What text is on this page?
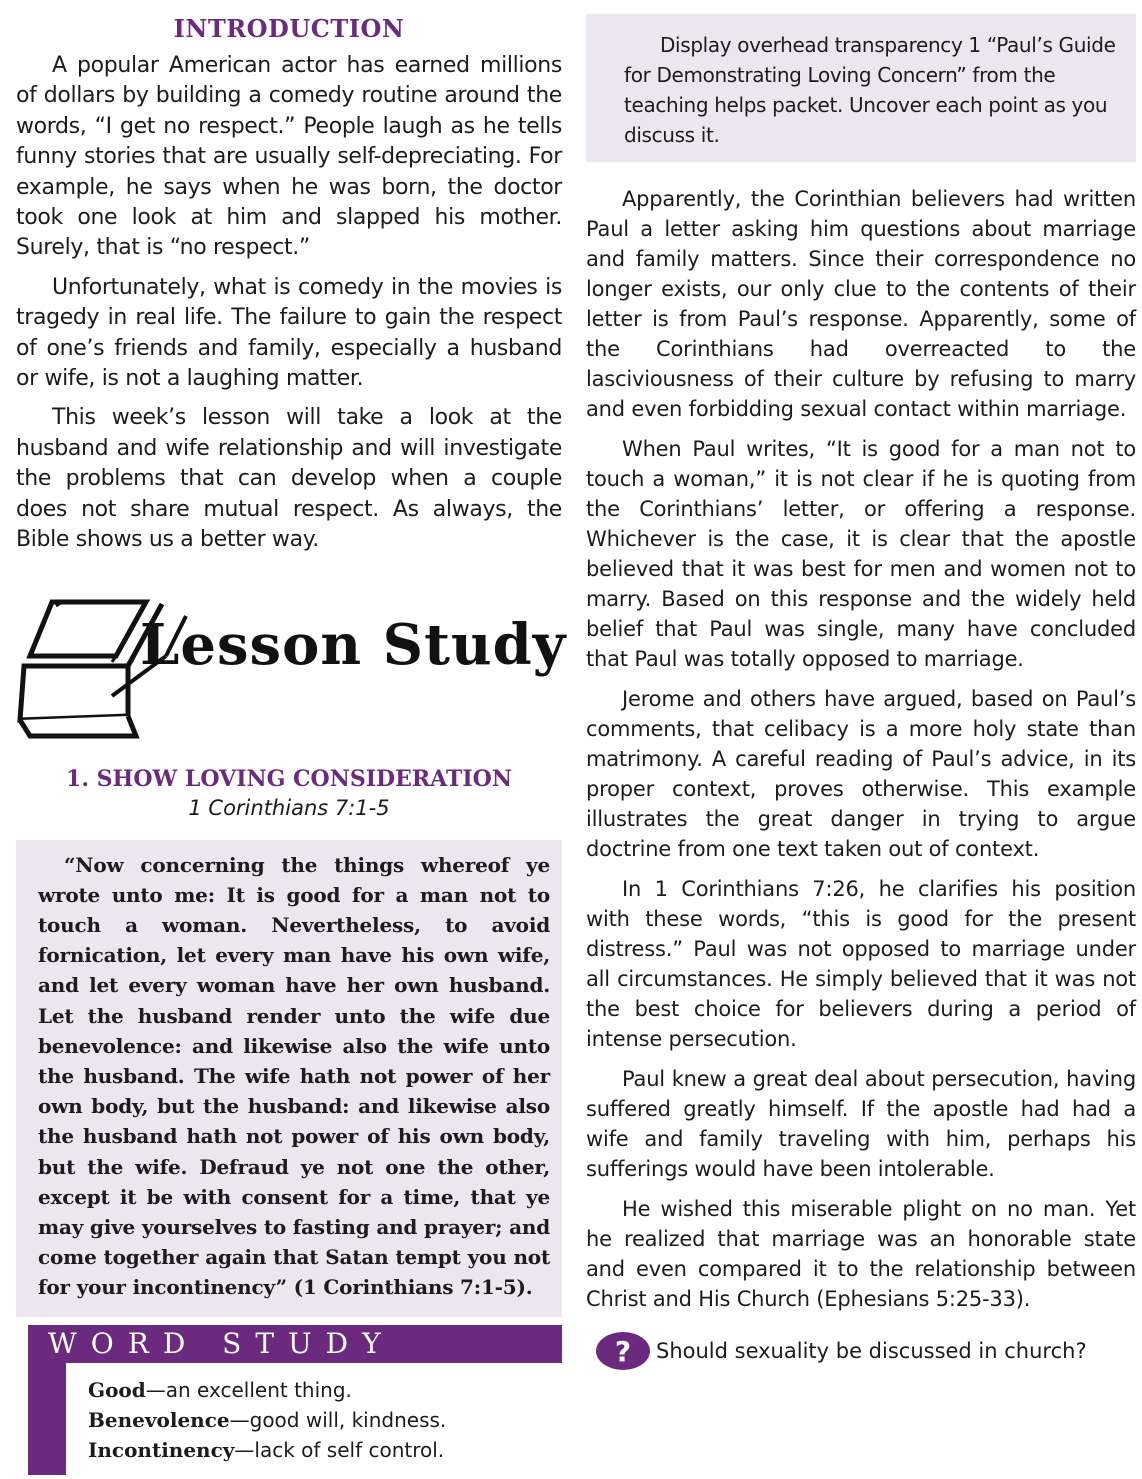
INTRODUCTION

A popular American actor has earned millions of dollars by building a comedy routine around the words, “I get no respect.” People laugh as he tells funny stories that are usually self-depreciating. For example, he says when he was born, the doctor took one look at him and slapped his mother. Surely, that is “no respect.”

Unfortunately, what is comedy in the movies is tragedy in real life. The failure to gain the respect of one’s friends and family, especially a husband or wife, is not a laughing matter.

This week’s lesson will take a look at the husband and wife relationship and will investigate the problems that can develop when a couple does not share mutual respect. As always, the Bible shows us a better way.

Lesson Study
1. SHOW LOVING CONSIDERATION
1 Corinthians 7:1-5
“Now concerning the things whereof ye wrote unto me: It is good for a man not to touch a woman. Nevertheless, to avoid fornication, let every man have his own wife, and let every woman have her own husband. Let the husband render unto the wife due benevolence: and likewise also the wife unto the husband. The wife hath not power of her own body, but the husband: and likewise also the husband hath not power of his own body, but the wife. Defraud ye not one the other, except it be with consent for a time, that ye may give yourselves to fasting and prayer; and come together again that Satan tempt you not for your incontinency” (1 Corinthians 7:1-5).
WORD STUDY
Good—an excellent thing.
Benevolence—good will, kindness.
Incontinency—lack of self control.
Display overhead transparency 1 “Paul’s Guide for Demonstrating Loving Concern” from the teaching helps packet. Uncover each point as you discuss it.

Apparently, the Corinthian believers had written Paul a letter asking him questions about marriage and family matters. Since their correspondence no longer exists, our only clue to the contents of their letter is from Paul’s response. Apparently, some of the Corinthians had overreacted to the lasciviousness of their culture by refusing to marry and even forbidding sexual contact within marriage.

When Paul writes, “It is good for a man not to touch a woman,” it is not clear if he is quoting from the Corinthians’ letter, or offering a response. Whichever is the case, it is clear that the apostle believed that it was best for men and women not to marry. Based on this response and the widely held belief that Paul was single, many have concluded that Paul was totally opposed to marriage.

Jerome and others have argued, based on Paul’s comments, that celibacy is a more holy state than matrimony. A careful reading of Paul’s advice, in its proper context, proves otherwise. This example illustrates the great danger in trying to argue doctrine from one text taken out of context.

In 1 Corinthians 7:26, he clarifies his position with these words, “this is good for the present distress.” Paul was not opposed to marriage under all circumstances. He simply believed that it was not the best choice for believers during a period of intense persecution.

Paul knew a great deal about persecution, having suffered greatly himself. If the apostle had had a wife and family traveling with him, perhaps his sufferings would have been intolerable.

He wished this miserable plight on no man. Yet he realized that marriage was an honorable state and even compared it to the relationship between Christ and His Church (Ephesians 5:25-33).

?	Should sexuality be discussed in church?
